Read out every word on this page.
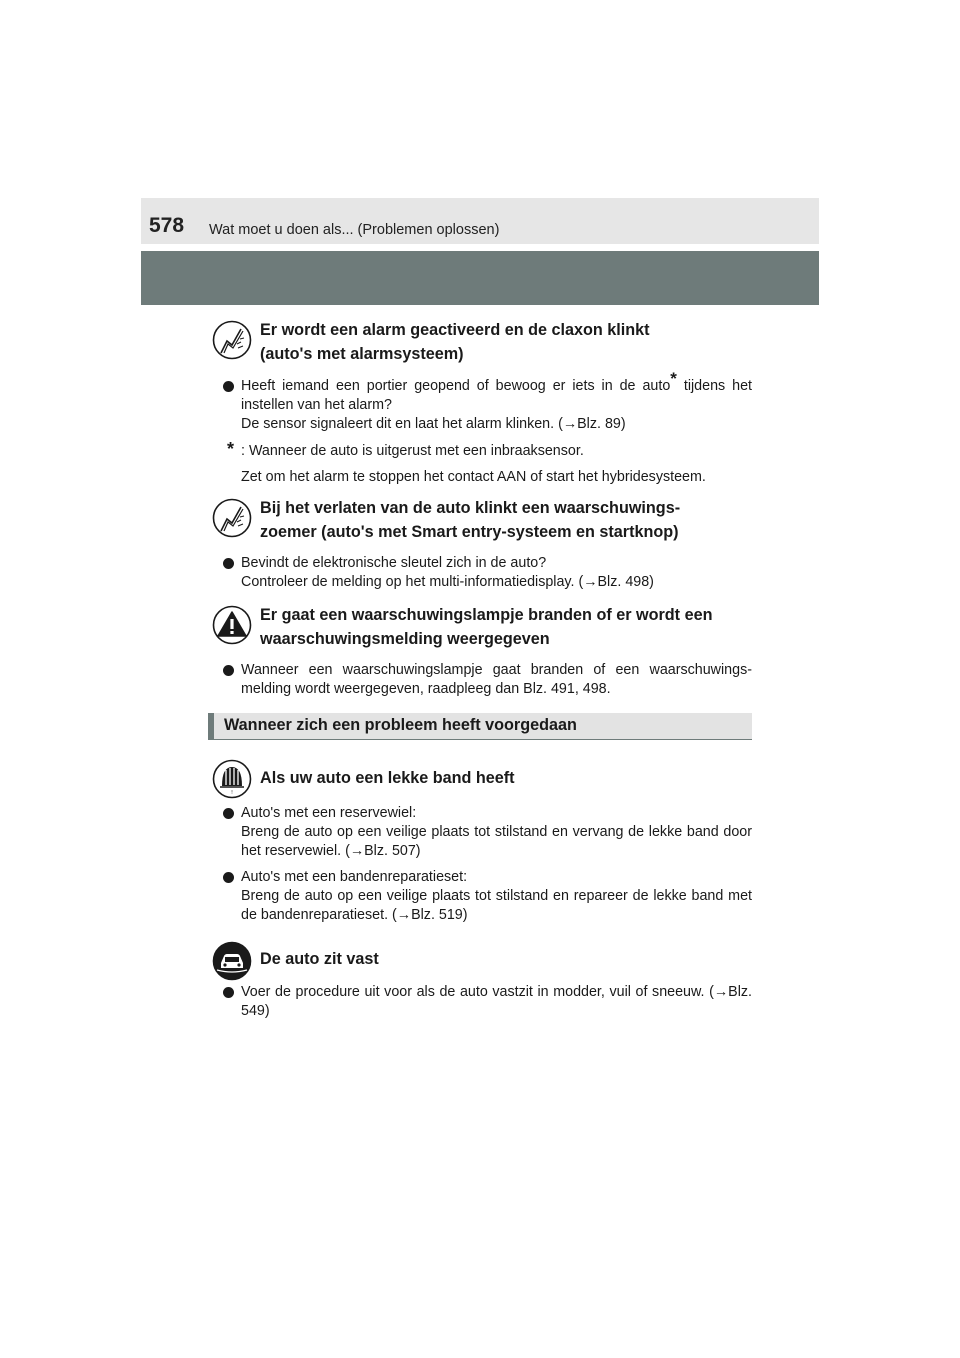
578 Wat moet u doen als... (Problemen oplossen)

Er wordt een alarm geactiveerd en de claxon klinkt

(auto's met alarmsysteem)

Heeft iemand een portier geopend of bewoog er iets in de auto* tijdens het instellen van het alarm?

De sensor signaleert dit en laat het alarm klinken. (→Blz. 89)

* : Wanneer de auto is uitgerust met een inbraaksensor.

Zet om het alarm te stoppen het contact AAN of start het hybridesysteem.

Bij het verlaten van de auto klinkt een waarschuwings-

zoemer (auto's met Smart entry-systeem en startknop)

Bevindt de elektronische sleutel zich in de auto?

Controleer de melding op het multi-informatiedisplay. (→Blz. 498)

Er gaat een waarschuwingslampje branden of er wordt een

waarschuwingsmelding weergegeven

Wanneer een waarschuwingslampje gaat branden of een waarschuwings-melding wordt weergegeven, raadpleeg dan Blz. 491, 498.

Wanneer zich een probleem heeft voorgedaan
!

Als uw auto een lekke band heeft

Auto's met een reservewiel:

Breng de auto op een veilige plaats tot stilstand en vervang de lekke band door het reservewiel. (→Blz. 507)

Auto's met een bandenreparatieset:

Breng de auto op een veilige plaats tot stilstand en repareer de lekke band met de bandenreparatieset. (→Blz. 519)

De auto zit vast

Voer de procedure uit voor als de auto vastzit in modder, vuil of sneeuw. (→Blz. 549)
